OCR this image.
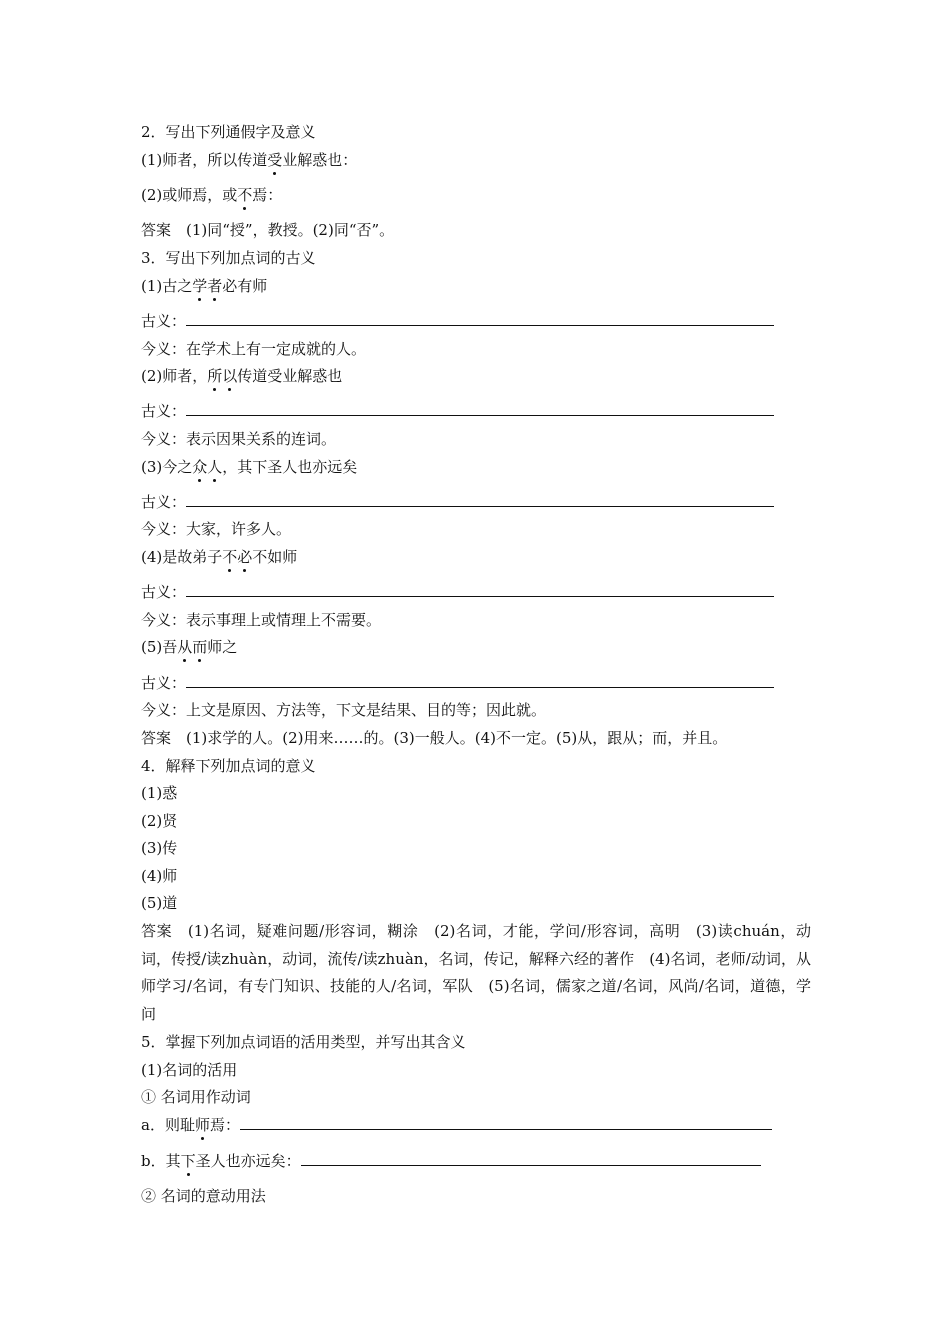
2．写出下列通假字及意义
(1)师者，所以传道受业解惑也：
(2)或师焉，或不焉：
答案　(1)同“授”，教授。(2)同“否”。
3．写出下列加点词的古义
(1)古之学者必有师
古义：
今义：在学术上有一定成就的人。
(2)师者，所以传道受业解惑也
古义：
今义：表示因果关系的连词。
(3)今之众人，其下圣人也亦远矣
古义：
今义：大家，许多人。
(4)是故弟子不必不如师
古义：
今义：表示事理上或情理上不需要。
(5)吾从而师之
古义：
今义：上文是原因、方法等，下文是结果、目的等；因此就。
答案　(1)求学的人。(2)用来……的。(3)一般人。(4)不一定。(5)从，跟从；而，并且。
4．解释下列加点词的意义
(1)惑
(2)贤
(3)传
(4)师
(5)道
答案　(1)名词，疑难问题/形容词，糊涂　(2)名词，才能，学问/形容词，高明　(3)读chuán，动词，传授/读zhuàn，动词，流传/读zhuàn，名词，传记，解释六经的著作　(4)名词，老师/动词，从师学习/名词，有专门知识、技能的人/名词，军队　(5)名词，儒家之道/名词，风尚/名词，道德，学问
5．掌握下列加点词语的活用类型，并写出其含义
(1)名词的活用
① 名词用作动词
a．则耻师焉：
b．其下圣人也亦远矣：
② 名词的意动用法
